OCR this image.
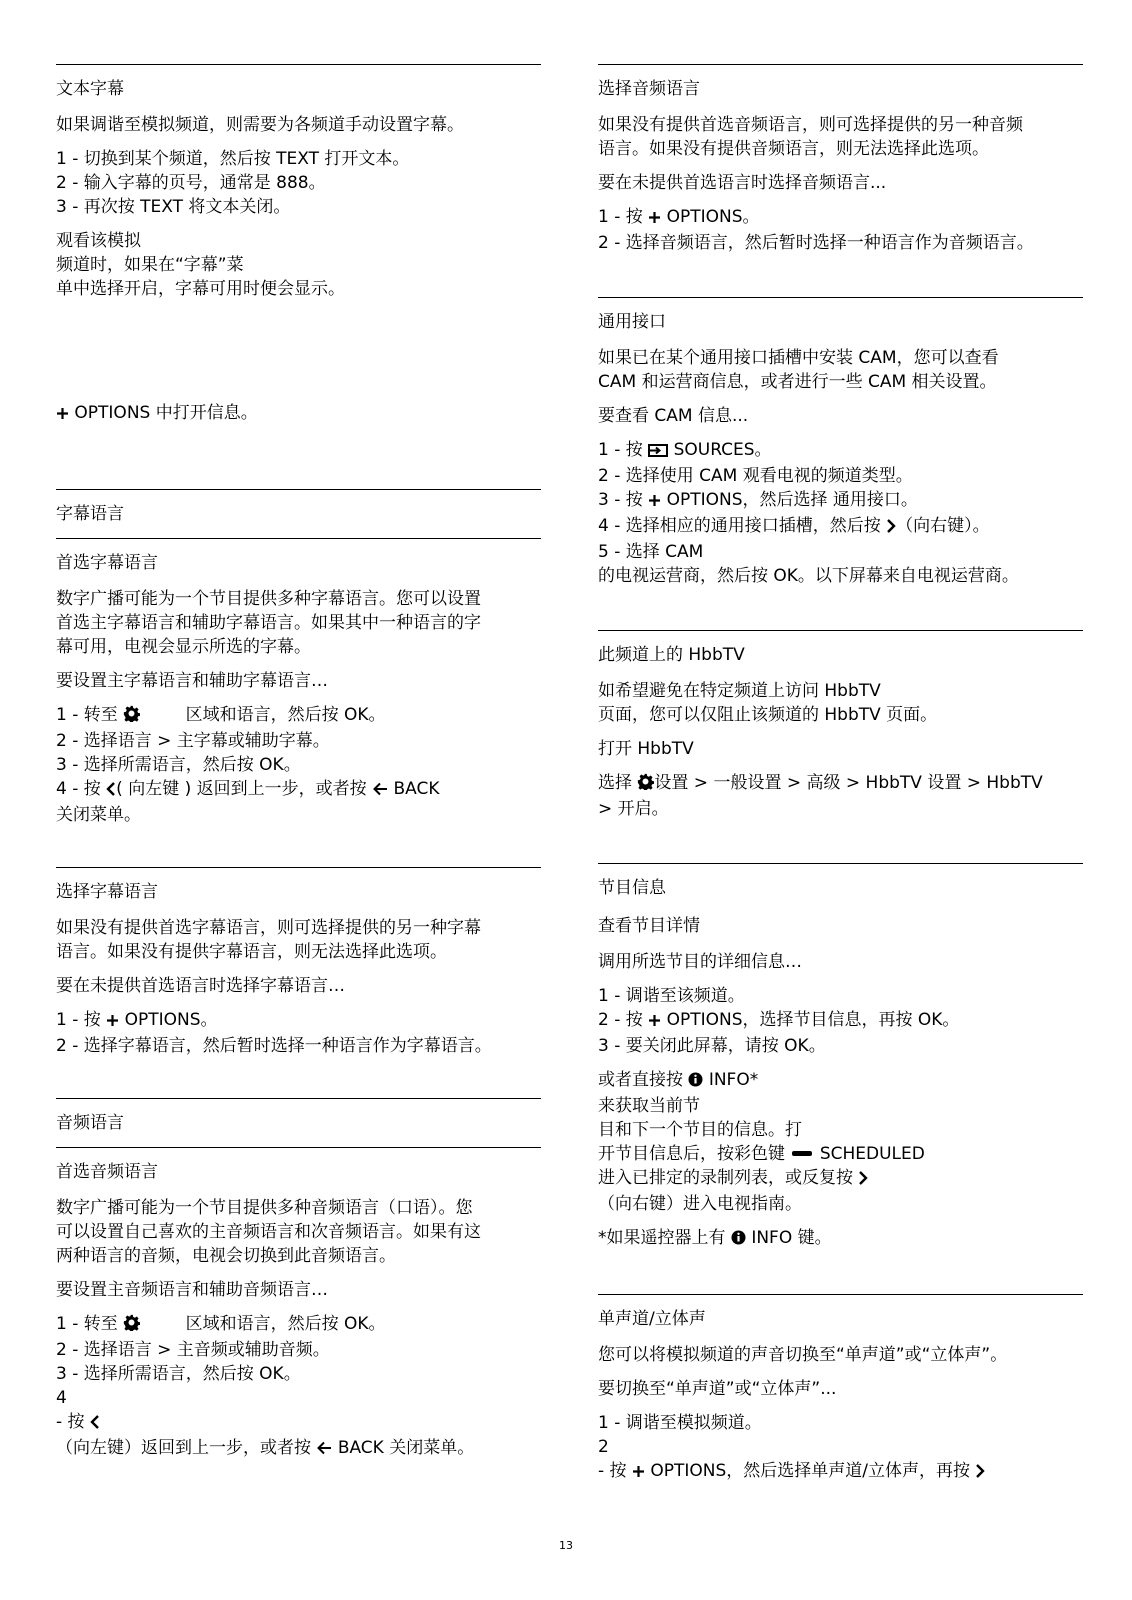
文本字幕

如果调谐至模拟频道，则需要为各频道手动设置字幕。

1 - 切换到某个频道，然后按 TEXT 打开文本。
2 - 输入字幕的页号，通常是 888。
3 - 再次按 TEXT 将文本关闭。

观看该模拟
频道时，如果在“字幕”菜
单中选择开启，字幕可用时便会显示。

OPTIONS 中打开信息。

字幕语言
首选字幕语言

数字广播可能为一个节目提供多种字幕语言。您可以设置
首选主字幕语言和辅助字幕语言。如果其中一种语言的字
幕可用，电视会显示所选的字幕。

要设置主字幕语言和辅助字幕语言…

1 - 转至	区域和语言，然后按 OK。
2 - 选择语言 > 主字幕或辅助字幕。
3 - 选择所需语言，然后按 OK。
4 - 按 ( 向左键 ) 返回到上一步，或者按 BACK
关闭菜单。

选择字幕语言

如果没有提供首选字幕语言，则可选择提供的另一种字幕
语言。如果没有提供字幕语言，则无法选择此选项。

要在未提供首选语言时选择字幕语言…

1 - 按 OPTIONS。
2 - 选择字幕语言，然后暂时选择一种语言作为字幕语言。

音频语言
首选音频语言

数字广播可能为一个节目提供多种音频语言（口语）。您
可以设置自己喜欢的主音频语言和次音频语言。如果有这
两种语言的音频，电视会切换到此音频语言。

要设置主音频语言和辅助音频语言…

1 - 转至	区域和语言，然后按 OK。
2 - 选择语言 > 主音频或辅助音频。
3 - 选择所需语言，然后按 OK。
4
- 按
（向左键）返回到上一步，或者按 BACK 关闭菜单。

选择音频语言

如果没有提供首选音频语言，则可选择提供的另一种音频
语言。如果没有提供音频语言，则无法选择此选项。

要在未提供首选语言时选择音频语言...

1 - 按 OPTIONS。
2 - 选择音频语言，然后暂时选择一种语言作为音频语言。

通用接口

如果已在某个通用接口插槽中安装 CAM，您可以查看
CAM 和运营商信息，或者进行一些 CAM 相关设置。

要查看 CAM 信息...

1 - 按 SOURCES。
2 - 选择使用 CAM 观看电视的频道类型。
3 - 按 OPTIONS，然后选择 通用接口。
4 - 选择相应的通用接口插槽，然后按 （向右键）。
5 - 选择 CAM
的电视运营商，然后按 OK。以下屏幕来自电视运营商。

此频道上的 HbbTV

如希望避免在特定频道上访问 HbbTV
页面，您可以仅阻止该频道的 HbbTV 页面。

打开 HbbTV

选择 设置 > 一般设置 > 高级 > HbbTV 设置 > HbbTV
> 开启。

节目信息
查看节目详情

调用所选节目的详细信息…

1 - 调谐至该频道。
2 - 按 OPTIONS，选择节目信息，再按 OK。
3 - 要关闭此屏幕，请按 OK。

或者直接按 INFO*
来获取当前节
目和下一个节目的信息。打
开节目信息后，按彩色键 SCHEDULED
进入已排定的录制列表，或反复按
（向右键）进入电视指南。

*如果遥控器上有 INFO 键。

单声道/立体声

您可以将模拟频道的声音切换至“单声道”或“立体声”。

要切换至“单声道”或“立体声”...

1 - 调谐至模拟频道。
2
- 按 OPTIONS，然后选择单声道/立体声，再按

13
